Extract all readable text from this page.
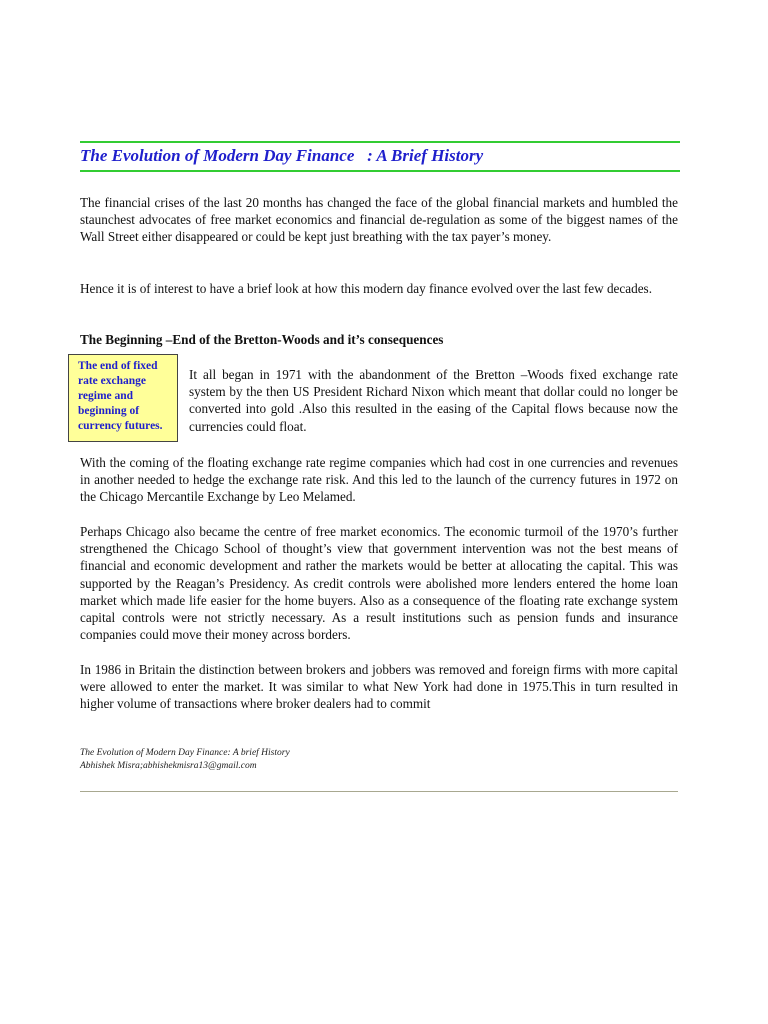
The Evolution of Modern Day Finance   : A Brief History

The financial crises of the last 20 months has changed the face of the global financial markets and humbled the staunchest advocates of free market economics and financial de-regulation as some of the biggest names of the Wall Street either disappeared or could be kept just breathing with the tax payer’s money.

Hence it is of interest to have a brief look at how this modern day finance evolved over the last few decades.

The Beginning –End of the Bretton-Woods and it’s consequences

The end of fixed rate exchange regime and beginning of currency futures.

It all began in 1971 with the abandonment of the Bretton –Woods fixed exchange rate system by the then US President Richard Nixon which meant that dollar could no longer be converted into gold .Also this resulted in the easing of the Capital flows because now the currencies could float.

With the coming of the floating exchange rate regime companies which had cost in one currencies and revenues in another needed to hedge the exchange rate risk. And this led to the launch of the currency futures in 1972 on the Chicago Mercantile Exchange by Leo Melamed.

Perhaps Chicago also became the centre of free market economics. The economic turmoil of the 1970’s further strengthened the Chicago School of thought’s view that government intervention was not the best means of financial and economic development and rather the markets would be better at allocating the capital. This was supported by the Reagan’s Presidency. As credit controls were abolished more lenders entered the home loan market which made life easier for the home buyers. Also as a consequence of the floating rate exchange system capital controls were not strictly necessary. As a result institutions such as pension funds and insurance companies could move their money across borders.

In 1986 in Britain the distinction between brokers and jobbers was removed and foreign firms with more capital were allowed to enter the market. It was similar to what New York had done in 1975.This in turn resulted in higher volume of transactions where broker dealers had to commit

The Evolution of Modern Day Finance: A brief History

Abhishek Misra;abhishekmisra13@gmail.com
